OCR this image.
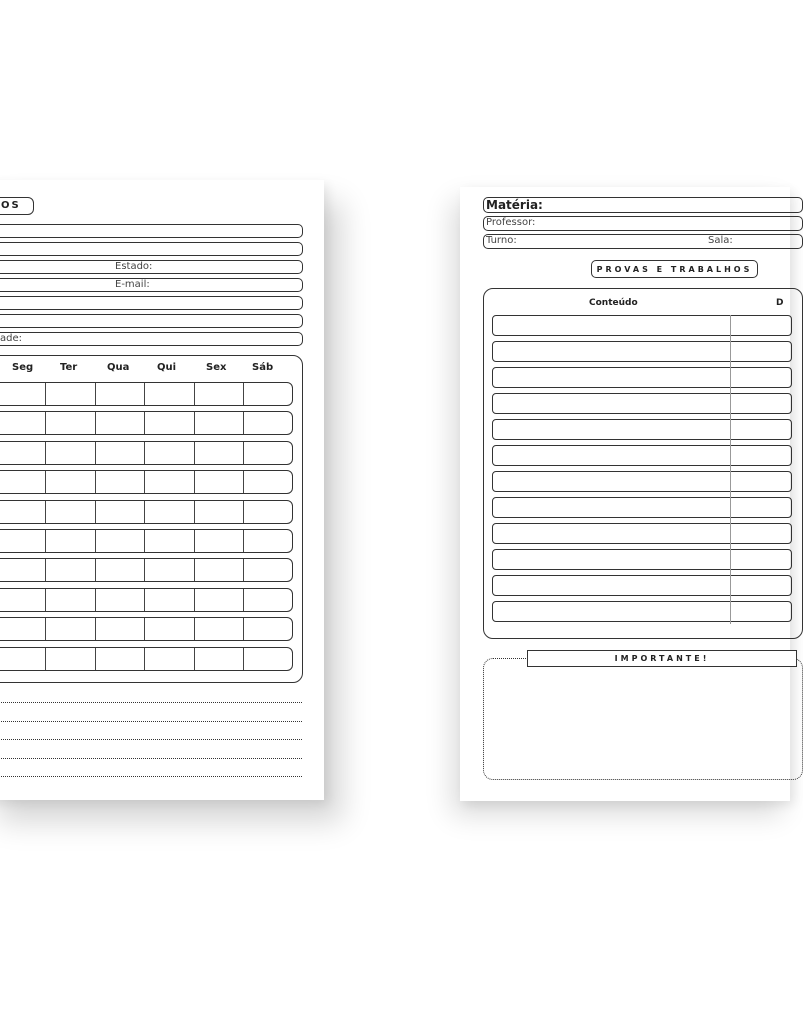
OS
Estado:
E-mail:
ade:
Seg	Ter	Qua	Qui	Sex	Sáb
Matéria:
Professor:
Turno:	Sala:
PROVAS E TRABALHOS
Conteúdo	D
IMPORTANTE!
